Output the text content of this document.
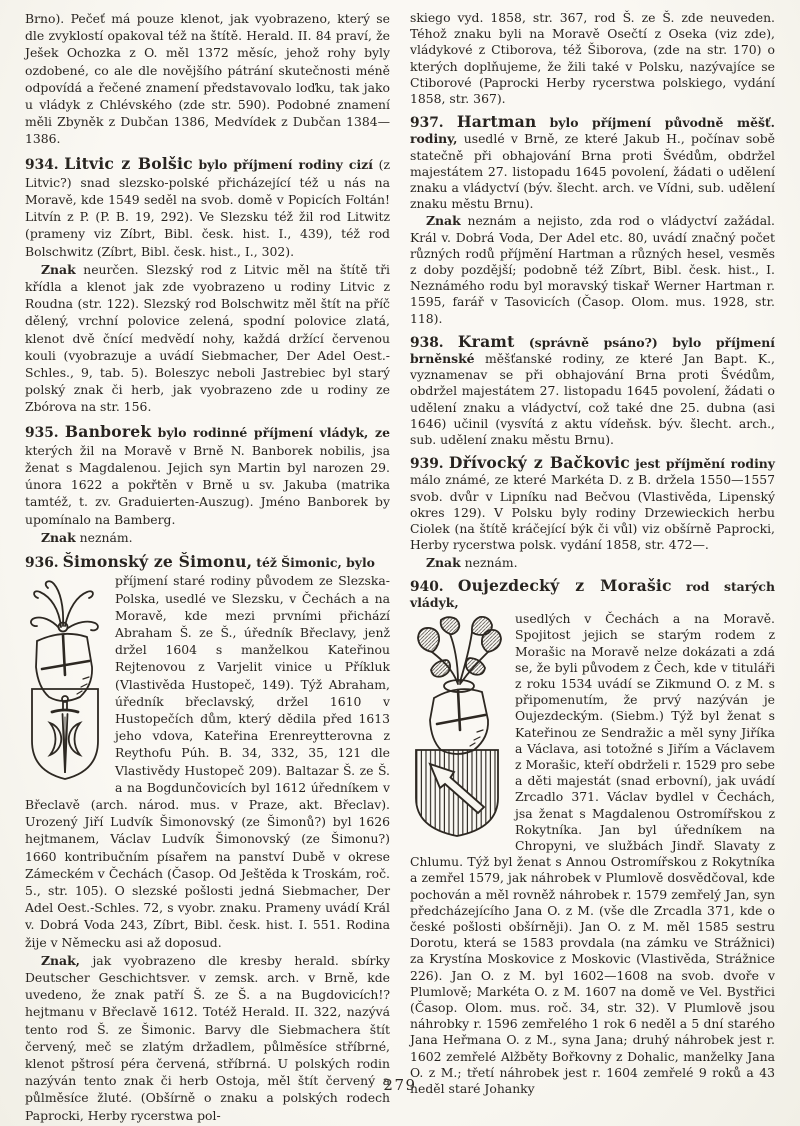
Brno). Pečeť má pouze klenot, jak vyobrazeno, který se dle zvyklostí opakoval též na štítě. Herald. II. 84 praví, že Ješek Ochozka z O. měl 1372 měsíc, jehož rohy byly ozdobené, co ale dle novějšího pátrání skutečnosti méně odpovídá a řečené znamení představovalo loďku, tak jako u vládyk z Chlévského (zde str. 590). Podobné znamení měli Zbyněk z Dubčan 1386, Medvídek z Dubčan 1384—1386.

934. Litvic z Bolšic bylo příjmení rodiny cizí (z Litvic?) snad slezsko-polské přicházející též u nás na Moravě, kde 1549 seděl na svob. domě v Popicích Foltán! Litvín z P. (P. B. 19, 292). Ve Slezsku též žil rod Litwitz (prameny viz Zíbrt, Bibl. česk. hist. I., 439), též rod Bolschwitz (Zíbrt, Bibl. česk. hist., I., 302).

Znak neurčen. Slezský rod z Litvic měl na štítě tři křídla a klenot jak zde vyobrazeno u rodiny Litvic z Roudna (str. 122). Slezský rod Bolschwitz měl štít na příč dělený, vrchní polovice zelená, spodní polovice zlatá, klenot dvě čnící medvědí nohy, každá držící červenou kouli (vyobrazuje a uvádí Siebmacher, Der Adel Oest.-Schles., 9, tab. 5). Boleszyc neboli Jastrebiec byl starý polský znak či herb, jak vyobrazeno zde u rodiny ze Zbórova na str. 156.

935. Banborek bylo rodinné příjmení vládyk, ze kterých žil na Moravě v Brně N. Banborek nobilis, jsa ženat s Magdalenou. Jejich syn Martin byl narozen 29. února 1622 a pokřtěn v Brně u sv. Jakuba (matrika tamtéž, t. zv. Graduierten-Auszug). Jméno Banborek by upomínalo na Bamberg.

Znak neznám.

936. Šimonský ze Šimonu, též Šimonic, bylo

příjmení staré rodiny původem ze Slezska-Polska, usedlé ve Slezsku, v Čechách a na Moravě, kde mezi prvními přichází Abraham Š. ze Š., úředník Břeclavy, jenž držel 1604 s manželkou Kateřinou Rejtenovou z Varjelit vinice u Příkluk (Vlastivěda Hustopeč, 149). Týž Abraham, úředník břeclavský, držel 1610 v Hustopečích dům, který dědila před 1613 jeho vdova, Kateřina Erenreytterovna z Reythofu Púh. B. 34, 332, 35, 121 dle Vlastivědy Hustopeč 209). Baltazar Š. ze Š. a na Bogdunčovicích byl 1612 úředníkem v Břeclavě (arch. národ. mus. v Praze, akt. Břeclav). Urozený Jiří Ludvík Šimonovský (ze Šimonů?) byl 1626 hejtmanem, Václav Ludvík Šimonovský (ze Šimonu?) 1660 kontribučním písařem na panství Dubě v okrese Zámeckém v Čechách (Časop. Od Ještěda k Troskám, roč. 5., str. 105). O slezské pošlosti jedná Siebmacher, Der Adel Oest.-Schles. 72, s vyobr. znaku. Prameny uvádí Král v. Dobrá Voda 243, Zíbrt, Bibl. česk. hist. I. 551. Rodina žije v Německu asi až doposud.

Znak, jak vyobrazeno dle kresby herald. sbírky Deutscher Geschichtsver. v zemsk. arch. v Brně, kde uvedeno, že znak patří Š. ze Š. a na Bugdovicích!? hejtmanu v Břeclavě 1612. Totéž Herald. II. 322, nazývá tento rod Š. ze Šimonic. Barvy dle Siebmachera štít červený, meč se zlatým držadlem, půlměsíce stříbrné, klenot pštrosí péra červená, stříbrná. U polských rodin nazýván tento znak či herb Ostoja, měl štít červený a půlměsíce žluté. (Obšírně o znaku a polských rodech Paprocki, Herby rycerstwa pol-

skiego vyd. 1858, str. 367, rod Š. ze Š. zde neuveden. Téhož znaku byli na Moravě Osečtí z Oseka (viz zde), vládykové z Ctiborova, též Šiborova, (zde na str. 170) o kterých doplňujeme, že žili také v Polsku, nazývajíce se Ctiborové (Paprocki Herby rycerstwa polskiego, vydání 1858, str. 367).

937. Hartman bylo příjmení původně měšť. rodiny, usedlé v Brně, ze které Jakub H., počínav sobě statečně při obhajování Brna proti Švédům, obdržel majestátem 27. listopadu 1645 povolení, žádati o udělení znaku a vládyctví (býv. šlecht. arch. ve Vídni, sub. udělení znaku městu Brnu).

Znak neznám a nejisto, zda rod o vládyctví zažádal. Král v. Dobrá Voda, Der Adel etc. 80, uvádí značný počet různých rodů příjmění Hartman a různých hesel, vesměs z doby pozdější; podobně též Zíbrt, Bibl. česk. hist., I. Neznámého rodu byl moravský tiskař Werner Hartman r. 1595, farář v Tasovicích (Časop. Olom. mus. 1928, str. 118).

938. Kramt (správně psáno?) bylo příjmení brněnské měšťanské rodiny, ze které Jan Bapt. K., vyznamenav se při obhajování Brna proti Švédům, obdržel majestátem 27. listopadu 1645 povolení, žádati o udělení znaku a vládyctví, což také dne 25. dubna (asi 1646) učinil (vysvítá z aktu vídeňsk. býv. šlecht. arch., sub. udělení znaku městu Brnu).

939. Dřívocký z Bačkovic jest příjmění rodiny málo známé, ze které Markéta D. z B. držela 1550—1557 svob. dvůr v Lipníku nad Bečvou (Vlastivěda, Lipenský okres 129). V Polsku byly rodiny Drzewieckich herbu Ciolek (na štítě kráčející býk či vůl) viz obšírně Paprocki, Herby rycerstwa polsk. vydání 1858, str. 472—.

Znak neznám.

940. Oujezdecký z Morašic rod starých vládyk,

usedlých v Čechách a na Moravě. Spojitost jejich se starým rodem z Morašic na Moravě nelze dokázati a zdá se, že byli původem z Čech, kde v tituláři z roku 1534 uvádí se Zikmund O. z M. s připomenutím, že prvý nazýván je Oujezdeckým. (Siebm.) Týž byl ženat s Kateřinou ze Sendražic a měl syny Jiříka a Václava, asi totožné s Jiřím a Václavem z Morašic, kteří obdrželi r. 1529 pro sebe a děti majestát (snad erbovní), jak uvádí Zrcadlo 371. Václav bydlel v Čechách, jsa ženat s Magdalenou Ostromířskou z Rokytníka. Jan byl úředníkem na Chropyni, ve službách Jindř. Slavaty z Chlumu. Týž byl ženat s Annou Ostromířskou z Rokytníka a zemřel 1579, jak náhrobek v Plumlově dosvědčoval, kde pochován a měl rovněž náhrobek r. 1579 zemřelý Jan, syn předcházejícího Jana O. z M. (vše dle Zrcadla 371, kde o české pošlosti obšírněji). Jan O. z M. měl 1585 sestru Dorotu, která se 1583 provdala (na zámku ve Strážnici) za Krystína Moskovice z Moskovic (Vlastivěda, Strážnice 226). Jan O. z M. byl 1602—1608 na svob. dvoře v Plumlově; Markéta O. z M. 1607 na domě ve Vel. Bystřici (Časop. Olom. mus. roč. 34, str. 32). V Plumlově jsou náhrobky r. 1596 zemřelého 1 rok 6 neděl a 5 dní starého Jana Heřmana O. z M., syna Jana; druhý náhrobek jest r. 1602 zemřelé Alžběty Bořkovny z Dohalic, manželky Jana O. z M.; třetí náhrobek jest r. 1604 zemřelé 9 roků a 43 neděl staré Johanky

279
